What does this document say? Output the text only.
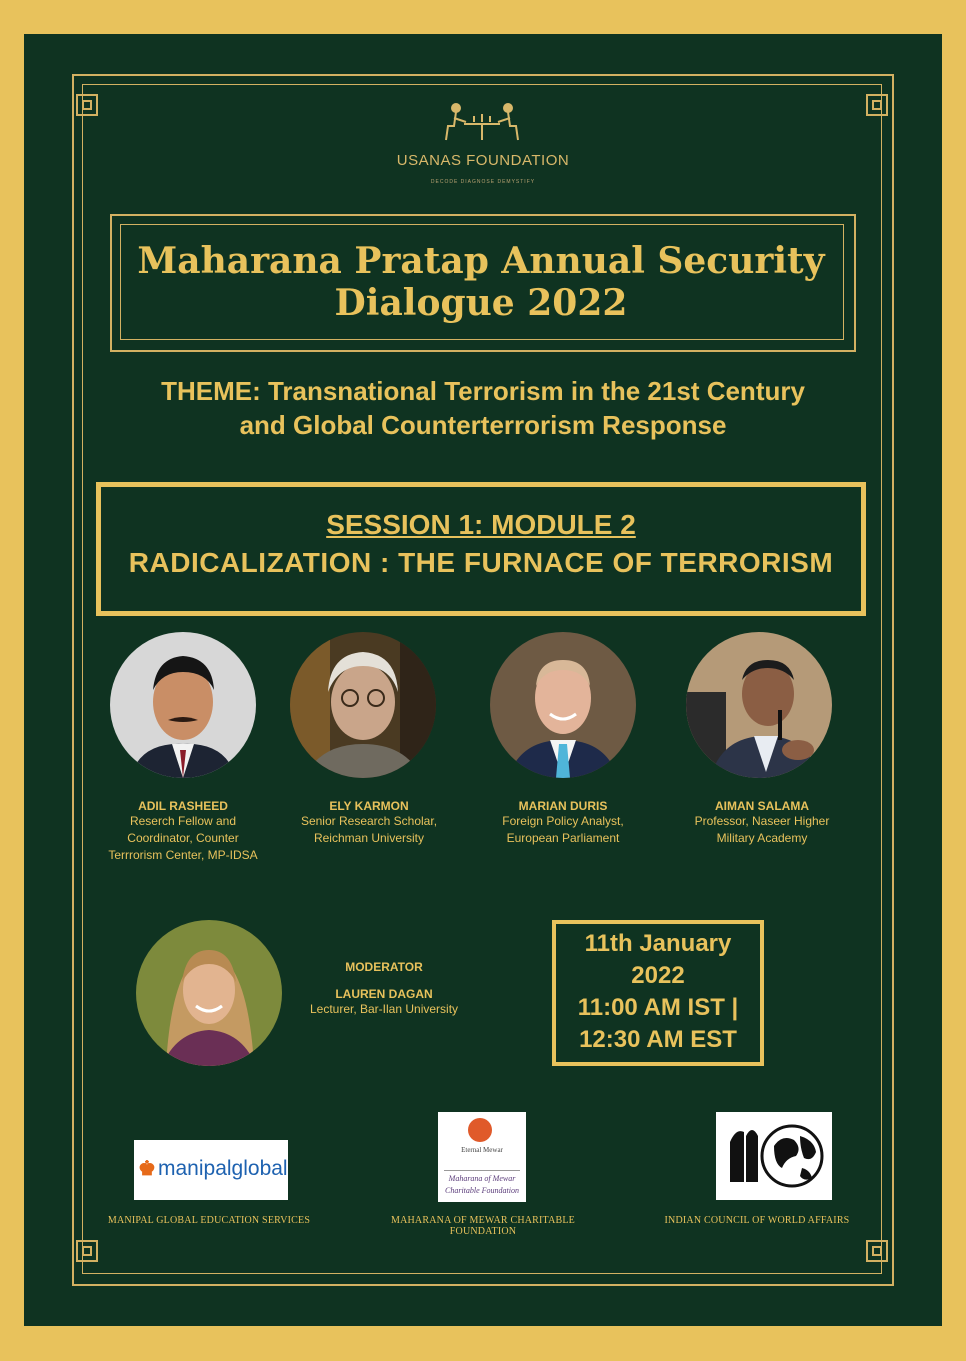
USANAS FOUNDATION
DECODE DIAGNOSE DEMYSTIFY
Maharana Pratap Annual Security
Dialogue 2022
THEME: Transnational Terrorism in the 21st Century
and Global Counterterrorism Response
SESSION 1: MODULE 2
RADICALIZATION : THE FURNACE OF TERRORISM
ADIL RASHEED
Reserch Fellow and
Coordinator, Counter
Terrrorism Center, MP-IDSA
ELY KARMON
Senior Research Scholar,
Reichman University
MARIAN DURIS
Foreign Policy Analyst,
European Parliament
AIMAN SALAMA
Professor, Naseer Higher
Military Academy
MODERATOR
LAUREN DAGAN
Lecturer, Bar-Ilan University
11th January
2022
11:00 AM IST |
12:30 AM EST
♚ manipalglobal
Eternal Mewar
Maharana of Mewar
Charitable Foundation
MANIPAL GLOBAL EDUCATION SERVICES	MAHARANA OF MEWAR CHARITABLE
FOUNDATION
INDIAN COUNCIL OF WORLD AFFAIRS
